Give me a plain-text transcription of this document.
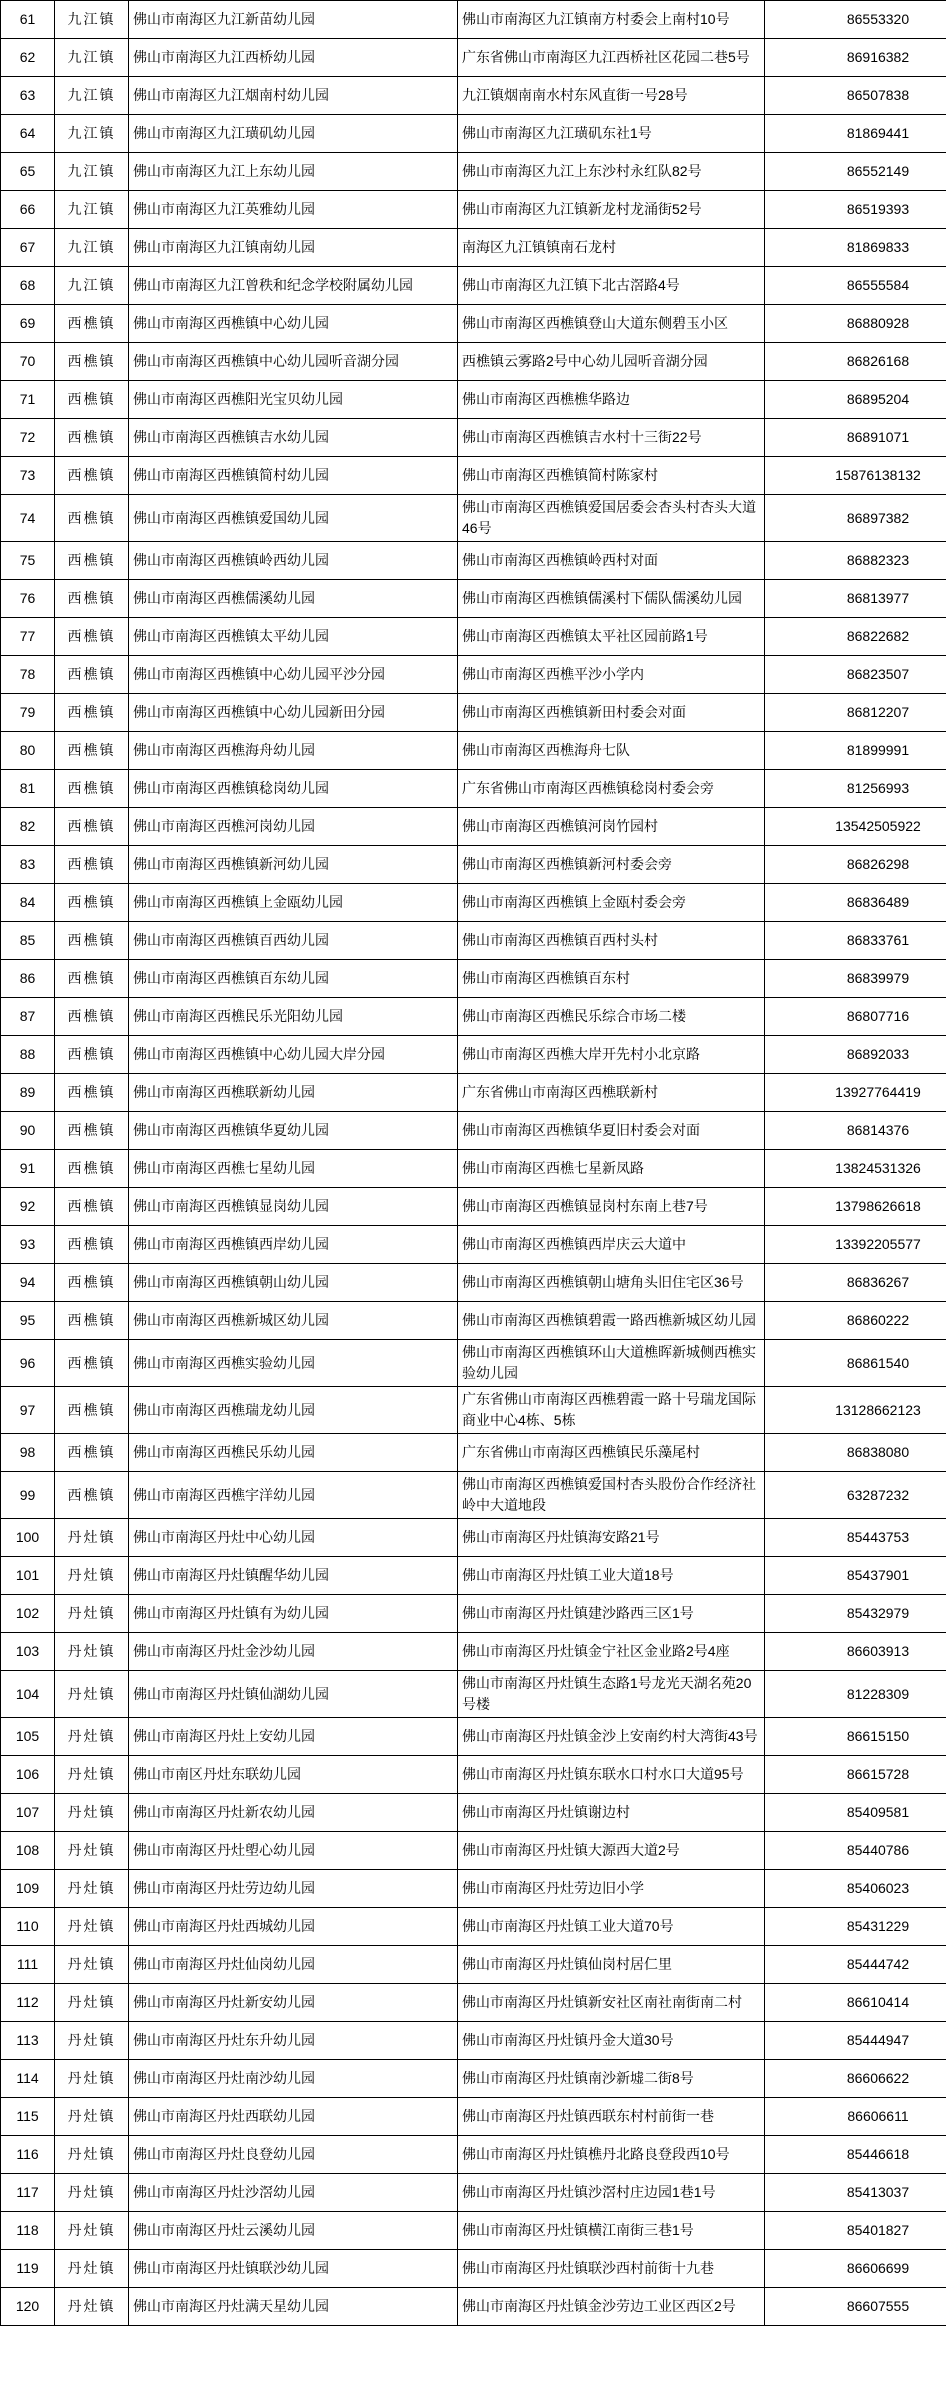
61	九江镇	佛山市南海区九江新苗幼儿园	佛山市南海区九江镇南方村委会上南村10号	86553320
62	九江镇	佛山市南海区九江西桥幼儿园	广东省佛山市南海区九江西桥社区花园二巷5号	86916382
63	九江镇	佛山市南海区九江烟南村幼儿园	九江镇烟南南水村东风直街一号28号	86507838
64	九江镇	佛山市南海区九江璜矶幼儿园	佛山市南海区九江璜矶东社1号	81869441
65	九江镇	佛山市南海区九江上东幼儿园	佛山市南海区九江上东沙村永红队82号	86552149
66	九江镇	佛山市南海区九江英雅幼儿园	佛山市南海区九江镇新龙村龙涌街52号	86519393
67	九江镇	佛山市南海区九江镇南幼儿园	南海区九江镇镇南石龙村	81869833
68	九江镇	佛山市南海区九江曾秩和纪念学校附属幼儿园	佛山市南海区九江镇下北古滘路4号	86555584
69	西樵镇	佛山市南海区西樵镇中心幼儿园	佛山市南海区西樵镇登山大道东侧碧玉小区	86880928
70	西樵镇	佛山市南海区西樵镇中心幼儿园听音湖分园	西樵镇云雾路2号中心幼儿园听音湖分园	86826168
71	西樵镇	佛山市南海区西樵阳光宝贝幼儿园	佛山市南海区西樵樵华路边	86895204
72	西樵镇	佛山市南海区西樵镇吉水幼儿园	佛山市南海区西樵镇吉水村十三街22号	86891071
73	西樵镇	佛山市南海区西樵镇简村幼儿园	佛山市南海区西樵镇简村陈家村	15876138132
74	西樵镇	佛山市南海区西樵镇爱国幼儿园	佛山市南海区西樵镇爱国居委会杏头村杏头大道46号	86897382
75	西樵镇	佛山市南海区西樵镇岭西幼儿园	佛山市南海区西樵镇岭西村对面	86882323
76	西樵镇	佛山市南海区西樵儒溪幼儿园	佛山市南海区西樵镇儒溪村下儒队儒溪幼儿园	86813977
77	西樵镇	佛山市南海区西樵镇太平幼儿园	佛山市南海区西樵镇太平社区园前路1号	86822682
78	西樵镇	佛山市南海区西樵镇中心幼儿园平沙分园	佛山市南海区西樵平沙小学内	86823507
79	西樵镇	佛山市南海区西樵镇中心幼儿园新田分园	佛山市南海区西樵镇新田村委会对面	86812207
80	西樵镇	佛山市南海区西樵海舟幼儿园	佛山市南海区西樵海舟七队	81899991
81	西樵镇	佛山市南海区西樵镇稔岗幼儿园	广东省佛山市南海区西樵镇稔岗村委会旁	81256993
82	西樵镇	佛山市南海区西樵河岗幼儿园	佛山市南海区西樵镇河岗竹园村	13542505922
83	西樵镇	佛山市南海区西樵镇新河幼儿园	佛山市南海区西樵镇新河村委会旁	86826298
84	西樵镇	佛山市南海区西樵镇上金瓯幼儿园	佛山市南海区西樵镇上金瓯村委会旁	86836489
85	西樵镇	佛山市南海区西樵镇百西幼儿园	佛山市南海区西樵镇百西村头村	86833761
86	西樵镇	佛山市南海区西樵镇百东幼儿园	佛山市南海区西樵镇百东村	86839979
87	西樵镇	佛山市南海区西樵民乐光阳幼儿园	佛山市南海区西樵民乐综合市场二楼	86807716
88	西樵镇	佛山市南海区西樵镇中心幼儿园大岸分园	佛山市南海区西樵大岸开先村小北京路	86892033
89	西樵镇	佛山市南海区西樵联新幼儿园	广东省佛山市南海区西樵联新村	13927764419
90	西樵镇	佛山市南海区西樵镇华夏幼儿园	佛山市南海区西樵镇华夏旧村委会对面	86814376
91	西樵镇	佛山市南海区西樵七星幼儿园	佛山市南海区西樵七星新凤路	13824531326
92	西樵镇	佛山市南海区西樵镇显岗幼儿园	佛山市南海区西樵镇显岗村东南上巷7号	13798626618
93	西樵镇	佛山市南海区西樵镇西岸幼儿园	佛山市南海区西樵镇西岸庆云大道中	13392205577
94	西樵镇	佛山市南海区西樵镇朝山幼儿园	佛山市南海区西樵镇朝山塘角头旧住宅区36号	86836267
95	西樵镇	佛山市南海区西樵新城区幼儿园	佛山市南海区西樵镇碧霞一路西樵新城区幼儿园	86860222
96	西樵镇	佛山市南海区西樵实验幼儿园	佛山市南海区西樵镇环山大道樵晖新城侧西樵实验幼儿园	86861540
97	西樵镇	佛山市南海区西樵瑞龙幼儿园	广东省佛山市南海区西樵碧霞一路十号瑞龙国际商业中心4栋、5栋	13128662123
98	西樵镇	佛山市南海区西樵民乐幼儿园	广东省佛山市南海区西樵镇民乐藻尾村	86838080
99	西樵镇	佛山市南海区西樵宇洋幼儿园	佛山市南海区西樵镇爱国村杏头股份合作经济社岭中大道地段	63287232
100	丹灶镇	佛山市南海区丹灶中心幼儿园	佛山市南海区丹灶镇海安路21号	85443753
101	丹灶镇	佛山市南海区丹灶镇醒华幼儿园	佛山市南海区丹灶镇工业大道18号	85437901
102	丹灶镇	佛山市南海区丹灶镇有为幼儿园	佛山市南海区丹灶镇建沙路西三区1号	85432979
103	丹灶镇	佛山市南海区丹灶金沙幼儿园	佛山市南海区丹灶镇金宁社区金业路2号4座	86603913
104	丹灶镇	佛山市南海区丹灶镇仙湖幼儿园	佛山市南海区丹灶镇生态路1号龙光天湖名苑20号楼	81228309
105	丹灶镇	佛山市南海区丹灶上安幼儿园	佛山市南海区丹灶镇金沙上安南约村大湾街43号	86615150
106	丹灶镇	佛山市南区丹灶东联幼儿园	佛山市南海区丹灶镇东联水口村水口大道95号	86615728
107	丹灶镇	佛山市南海区丹灶新农幼儿园	佛山市南海区丹灶镇谢边村	85409581
108	丹灶镇	佛山市南海区丹灶塱心幼儿园	佛山市南海区丹灶镇大源西大道2号	85440786
109	丹灶镇	佛山市南海区丹灶劳边幼儿园	佛山市南海区丹灶劳边旧小学	85406023
110	丹灶镇	佛山市南海区丹灶西城幼儿园	佛山市南海区丹灶镇工业大道70号	85431229
111	丹灶镇	佛山市南海区丹灶仙岗幼儿园	佛山市南海区丹灶镇仙岗村居仁里	85444742
112	丹灶镇	佛山市南海区丹灶新安幼儿园	佛山市南海区丹灶镇新安社区南社南街南二村	86610414
113	丹灶镇	佛山市南海区丹灶东升幼儿园	佛山市南海区丹灶镇丹金大道30号	85444947
114	丹灶镇	佛山市南海区丹灶南沙幼儿园	佛山市南海区丹灶镇南沙新墟二街8号	86606622
115	丹灶镇	佛山市南海区丹灶西联幼儿园	佛山市南海区丹灶镇西联东村村前街一巷	86606611
116	丹灶镇	佛山市南海区丹灶良登幼儿园	佛山市南海区丹灶镇樵丹北路良登段西10号	85446618
117	丹灶镇	佛山市南海区丹灶沙滘幼儿园	佛山市南海区丹灶镇沙滘村庄边园1巷1号	85413037
118	丹灶镇	佛山市南海区丹灶云溪幼儿园	佛山市南海区丹灶镇横江南街三巷1号	85401827
119	丹灶镇	佛山市南海区丹灶镇联沙幼儿园	佛山市南海区丹灶镇联沙西村前街十九巷	86606699
120	丹灶镇	佛山市南海区丹灶满天星幼儿园	佛山市南海区丹灶镇金沙劳边工业区西区2号	86607555
